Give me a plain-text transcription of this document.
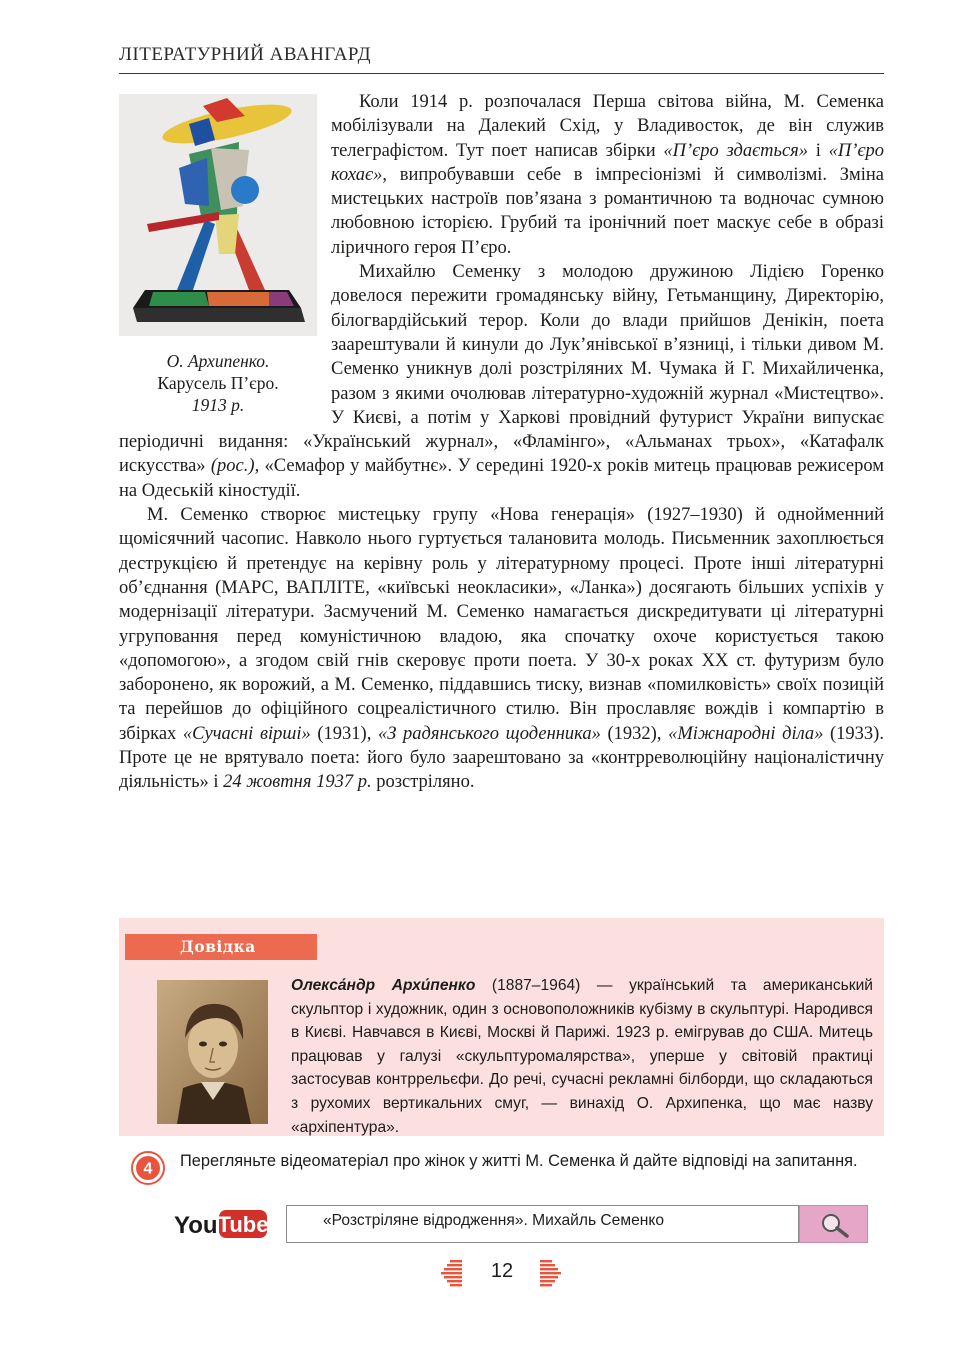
ЛІТЕРАТУРНИЙ АВАНГАРД

Коли 1914 р. розпочалася Перша світова війна, М. Семенка мобілізували на Далекий Схід, у Владивосток, де він служив телеграфістом. Тут поет написав збірки «П’єро здається» і «П’єро кохає», випробувавши себе в імпресіонізмі й символізмі. Зміна мистецьких настроїв пов’язана з романтичною та водночас сумною любовною історією. Грубий та іронічний поет маскує себе в образі ліричного героя П’єро.

Михайлю Семенку з молодою дружиною Лідією Горенко довелося пережити громадянську війну, Гетьманщину, Директорію, білогвардійський терор. Коли до влади прийшов Денікін, поета заарештували й кинули до Лук’янівської в’язниці, і тільки дивом М. Семенко уникнув долі розстріляних М. Чумака й Г. Михайличенка, разом з якими очолював літературно-художній журнал «Мистецтво». У Києві, а потім у Харкові провідний футурист України випускає періодичні видання: «Український журнал», «Фламінго», «Альманах трьох», «Катафалк искусства» (рос.), «Семафор у майбутнє». У середині 1920-х років митець працював режисером на Одеській кіностудії.

М. Семенко створює мистецьку групу «Нова генерація» (1927–1930) й однойменний щомісячний часопис. Навколо нього гуртується талановита молодь. Письменник захоплюється деструкцією й претендує на керівну роль у літературному процесі. Проте інші літературні об’єднання (МАРС, ВАПЛІТЕ, «київські неокласики», «Ланка») досягають більших успіхів у модернізації літератури. Засмучений М. Семенко намагається дискредитувати ці літературні угруповання перед комуністичною владою, яка спочатку охоче користується такою «допомогою», а згодом свій гнів скеровує проти поета. У 30-х роках XX ст. футуризм було заборонено, як ворожий, а М. Семенко, піддавшись тиску, визнав «помилковість» своїх позицій та перейшов до офіційного соцреалістичного стилю. Він прославляє вождів і компартію в збірках «Сучасні вірші» (1931), «З радянського щоденника» (1932), «Міжнародні діла» (1933). Проте це не врятувало поета: його було заарештовано за «контрреволюційну націоналістичну діяльність» і 24 жовтня 1937 р. розстріляно.

О. Архипенко.
Карусель П’єро.
1913 р.
Довідка
Олекса́ндр Архи́пенко (1887–1964) — український та американський скульптор і художник, один з основоположників кубізму в скульптурі. Народився в Києві. Навчався в Києві, Москві й Парижі. 1923 р. емігрував до США. Митець працював у галузі «скульптуромалярства», уперше у світовій практиці застосував контррельєфи. До речі, сучасні рекламні білборди, що складаються з рухомих вертикальних смуг, — винахід О. Архипенка, що має назву «архіпентура».
4 Перегляньте відеоматеріал про жінок у житті М. Семенка й дайте відповіді на запитання.
You Tube	«Розстріляне відродження». Михайль Семенко
12
